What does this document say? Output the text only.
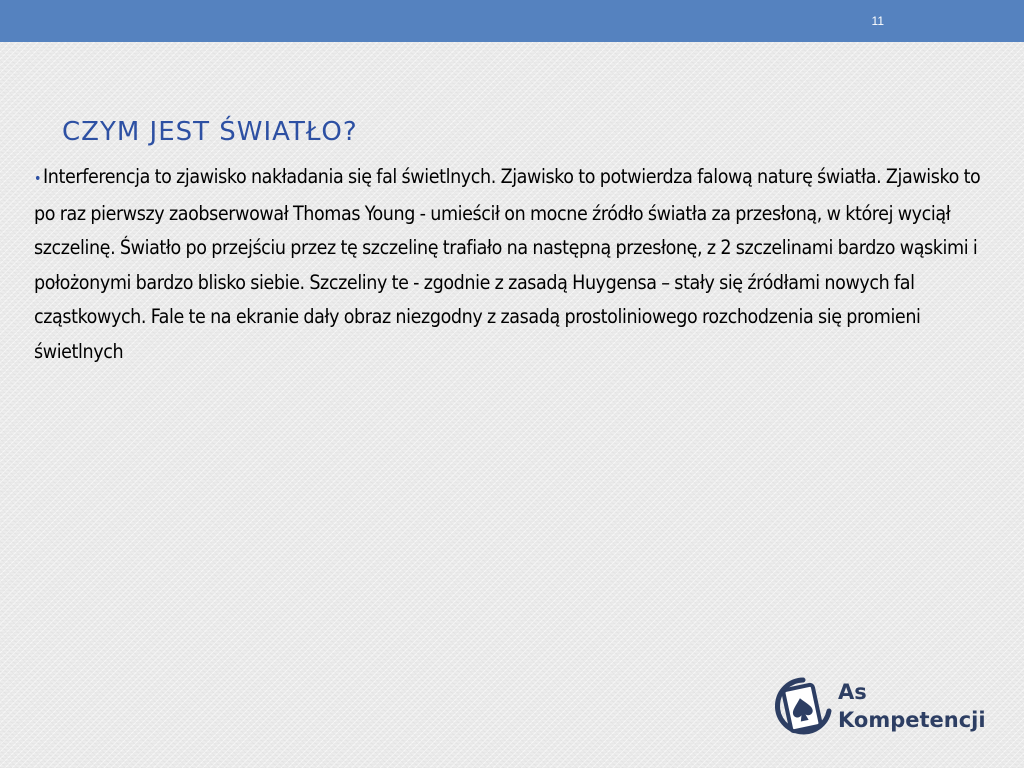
11
CZYM JEST ŚWIATŁO?
• Interferencja to zjawisko nakładania się fal świetlnych. Zjawisko to potwierdza falową naturę światła. Zjawisko to po raz pierwszy zaobserwował Thomas Young - umieścił on mocne źródło światła za przesłoną, w której wyciął szczelinę. Światło po przejściu przez tę szczelinę trafiało na następną przesłonę, z 2 szczelinami bardzo wąskimi i położonymi bardzo blisko siebie. Szczeliny te - zgodnie z zasadą Huygensa – stały się źródłami nowych fal cząstkowych. Fale te na ekranie dały obraz niezgodny z zasadą prostoliniowego rozchodzenia się promieni świetlnych
As
Kompetencji
